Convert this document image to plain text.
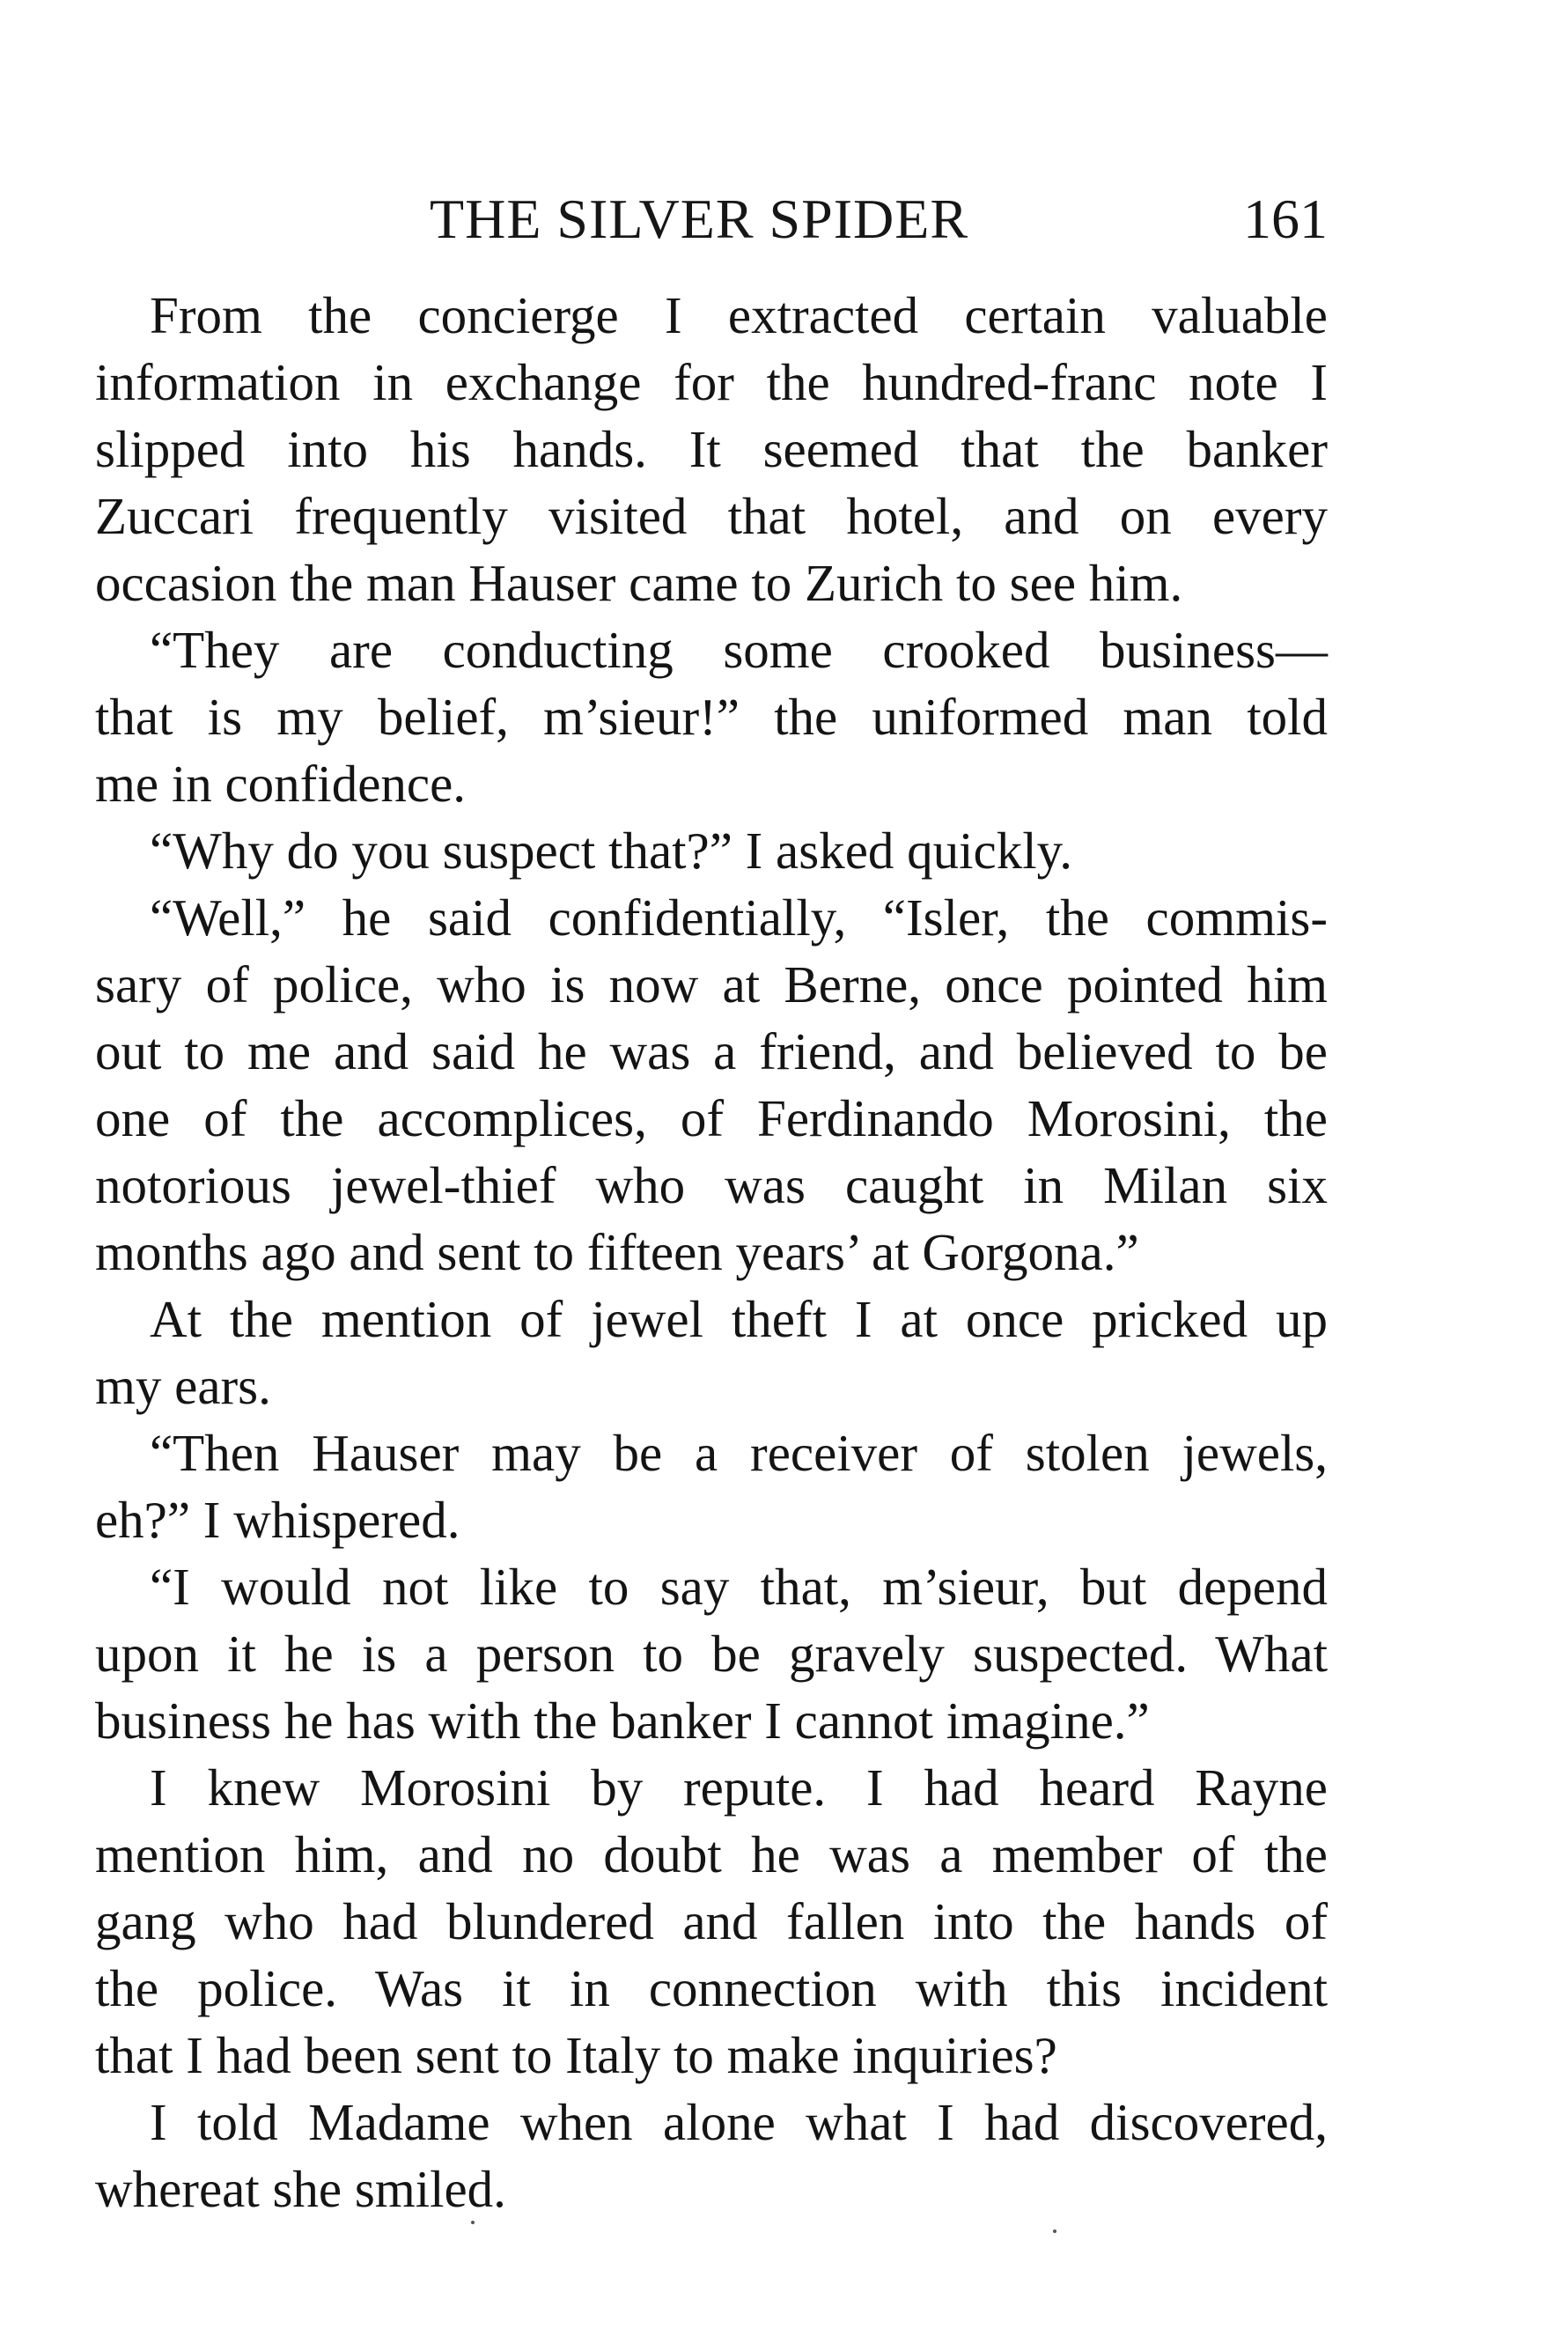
THE SILVER SPIDER	161
From the concierge I extracted certain valuable
information in exchange for the hundred-franc note I
slipped into his hands. It seemed that the banker
Zuccari frequently visited that hotel, and on every
occasion the man Hauser came to Zurich to see him.
“They are conducting some crooked business—
that is my belief, m’sieur!” the uniformed man told
me in confidence.
“Why do you suspect that?” I asked quickly.
“Well,” he said confidentially, “Isler, the commis-
sary of police, who is now at Berne, once pointed him
out to me and said he was a friend, and believed to be
one of the accomplices, of Ferdinando Morosini, the
notorious jewel-thief who was caught in Milan six
months ago and sent to fifteen years’ at Gorgona.”
At the mention of jewel theft I at once pricked up
my ears.
“Then Hauser may be a receiver of stolen jewels,
eh?” I whispered.
“I would not like to say that, m’sieur, but depend
upon it he is a person to be gravely suspected. What
business he has with the banker I cannot imagine.”
I knew Morosini by repute. I had heard Rayne
mention him, and no doubt he was a member of the
gang who had blundered and fallen into the hands of
the police. Was it in connection with this incident
that I had been sent to Italy to make inquiries?
I told Madame when alone what I had discovered,
whereat she smiled.
